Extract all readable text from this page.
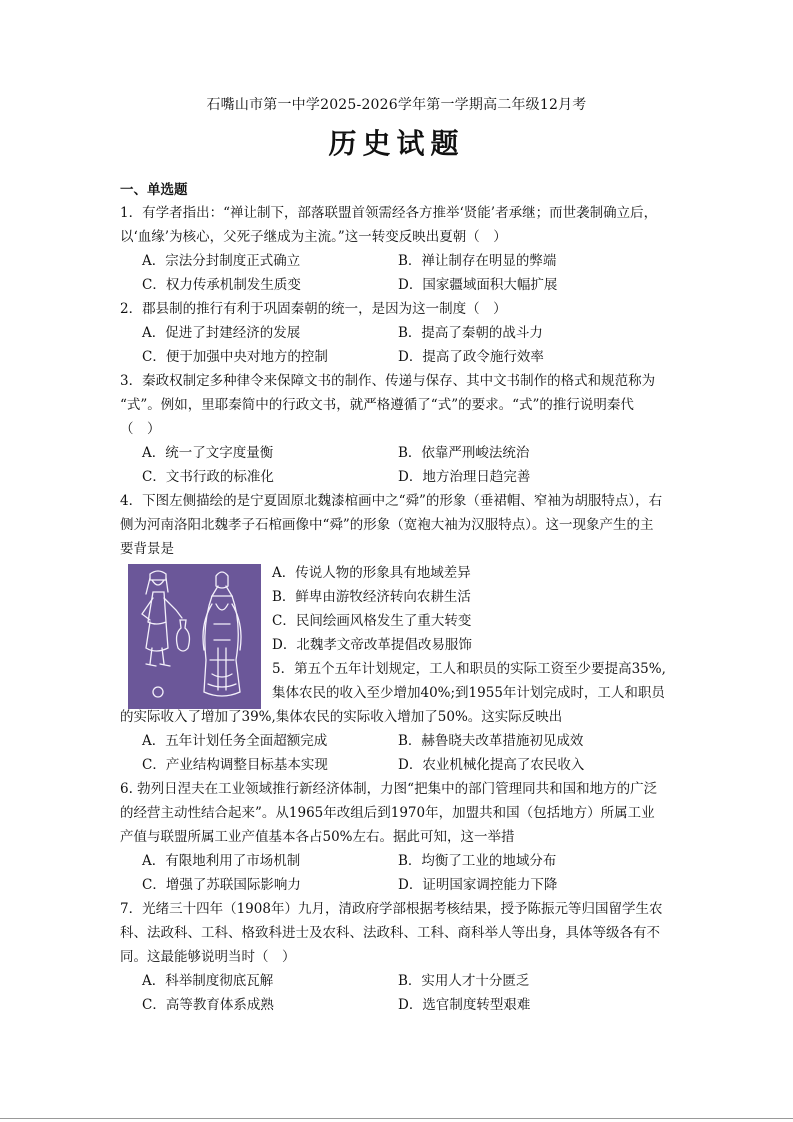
石嘴山市第一中学2025-2026学年第一学期高二年级12月考
历史试题
一、单选题
1．有学者指出：“禅让制下，部落联盟首领需经各方推举‘贤能’者承继；而世袭制确立后，
以‘血缘’为核心，父死子继成为主流。”这一转变反映出夏朝（　）
A．宗法分封制度正式确立	B．禅让制存在明显的弊端
C．权力传承机制发生质变	D．国家疆域面积大幅扩展
2．郡县制的推行有利于巩固秦朝的统一，是因为这一制度（　）
A．促进了封建经济的发展	B．提高了秦朝的战斗力
C．便于加强中央对地方的控制	D．提高了政令施行效率
3．秦政权制定多种律令来保障文书的制作、传递与保存、其中文书制作的格式和规范称为
“式”。例如，里耶秦简中的行政文书，就严格遵循了“式”的要求。“式”的推行说明秦代
（　）
A．统一了文字度量衡	B．依靠严刑峻法统治
C．文书行政的标准化	D．地方治理日趋完善
4．下图左侧描绘的是宁夏固原北魏漆棺画中之“舜”的形象（垂裙帽、窄袖为胡服特点），右
侧为河南洛阳北魏孝子石棺画像中“舜”的形象（宽袍大袖为汉服特点）。这一现象产生的主
要背景是
A．传说人物的形象具有地域差异
B．鲜卑由游牧经济转向农耕生活
C．民间绘画风格发生了重大转变
D．北魏孝文帝改革提倡改易服饰
5．第五个五年计划规定，工人和职员的实际工资至少要提高35%,
集体农民的收入至少增加40%;到1955年计划完成时，工人和职员
的实际收入了增加了39%,集体农民的实际收入增加了50%。这实际反映出
A．五年计划任务全面超额完成	B．赫鲁晓夫改革措施初见成效
C．产业结构调整目标基本实现	D．农业机械化提高了农民收入
6. 勃列日涅夫在工业领域推行新经济体制，力图“把集中的部门管理同共和国和地方的广泛
的经营主动性结合起来”。从1965年改组后到1970年，加盟共和国（包括地方）所属工业
产值与联盟所属工业产值基本各占50%左右。据此可知，这一举措
A．有限地利用了市场机制	B．均衡了工业的地域分布
C．增强了苏联国际影响力	D．证明国家调控能力下降
7．光绪三十四年（1908年）九月，清政府学部根据考核结果，授予陈振元等归国留学生农
科、法政科、工科、格致科进士及农科、法政科、工科、商科举人等出身，具体等级各有不
同。这最能够说明当时（　）
A．科举制度彻底瓦解	B．实用人才十分匮乏
C．高等教育体系成熟	D．选官制度转型艰难
